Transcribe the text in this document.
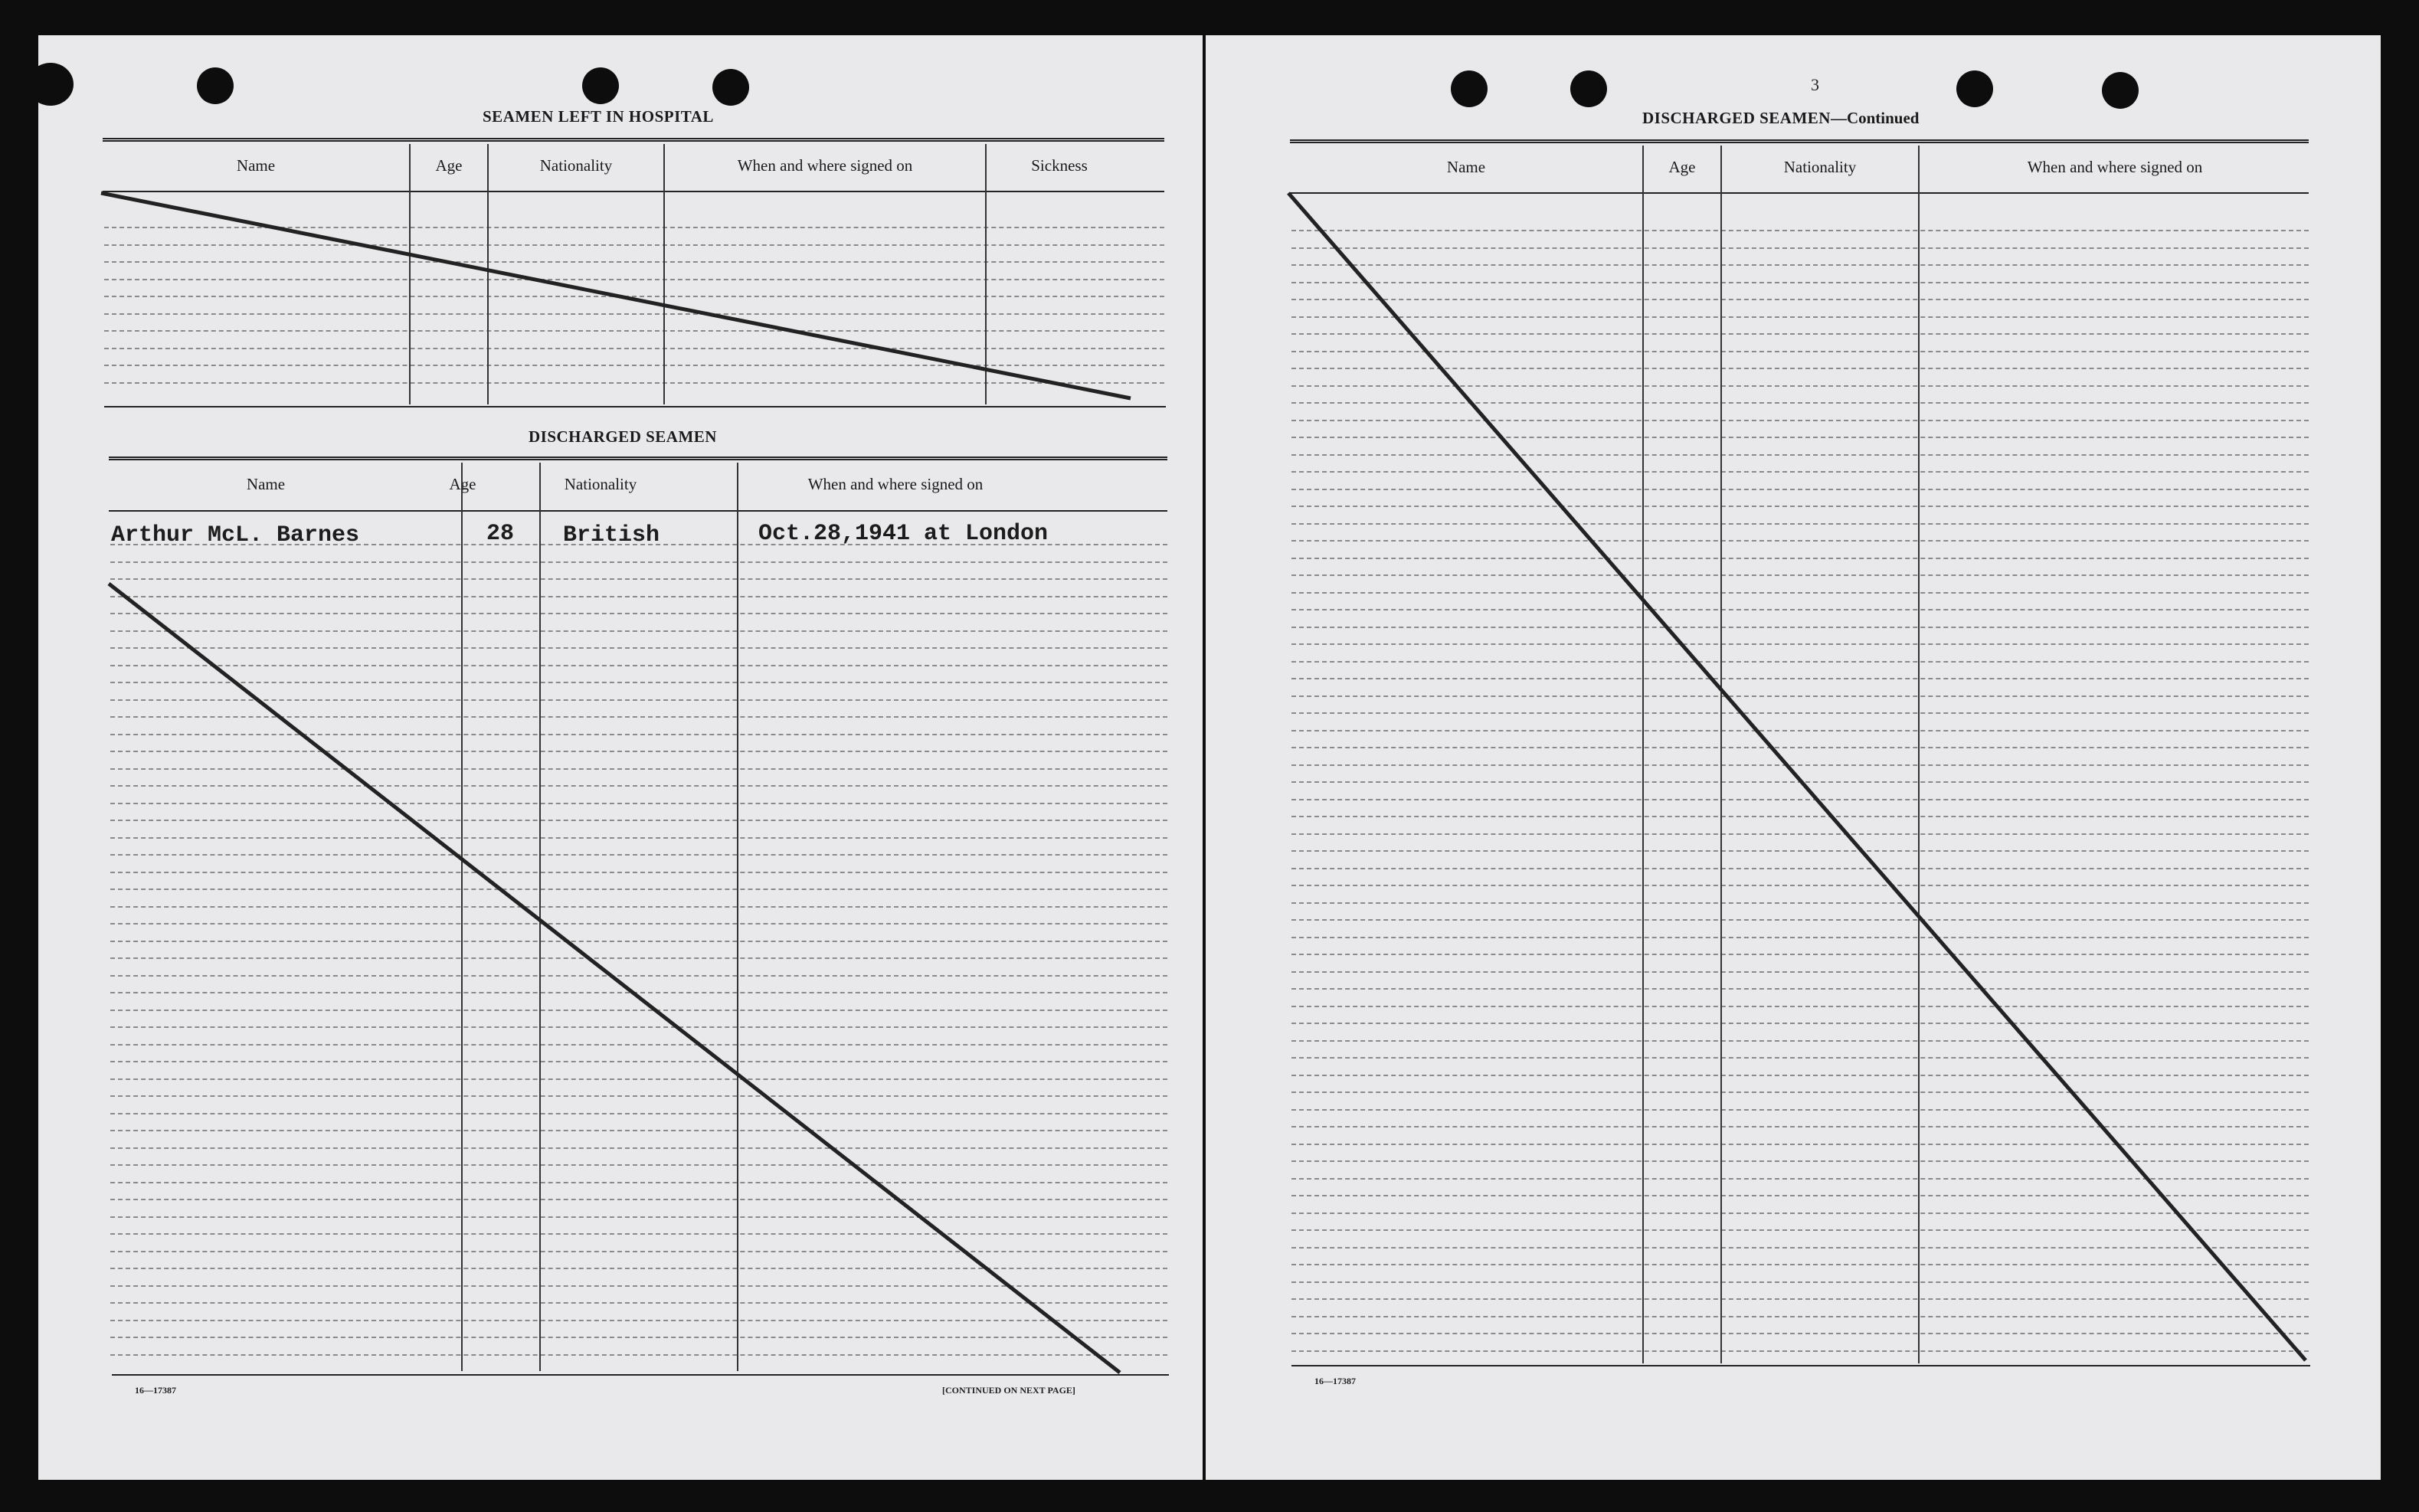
SEAMEN LEFT IN HOSPITAL
Name	Age	Nationality	When and where signed on	Sickness
DISCHARGED SEAMEN
Name	Age	Nationality	When and where signed on
Arthur McL. Barnes	28 British	Oct.28,1941 at London
16—17387	[CONTINUED ON NEXT PAGE]
3
DISCHARGED SEAMEN—Continued
Name	Age	Nationality	When and where signed on
16—17387
